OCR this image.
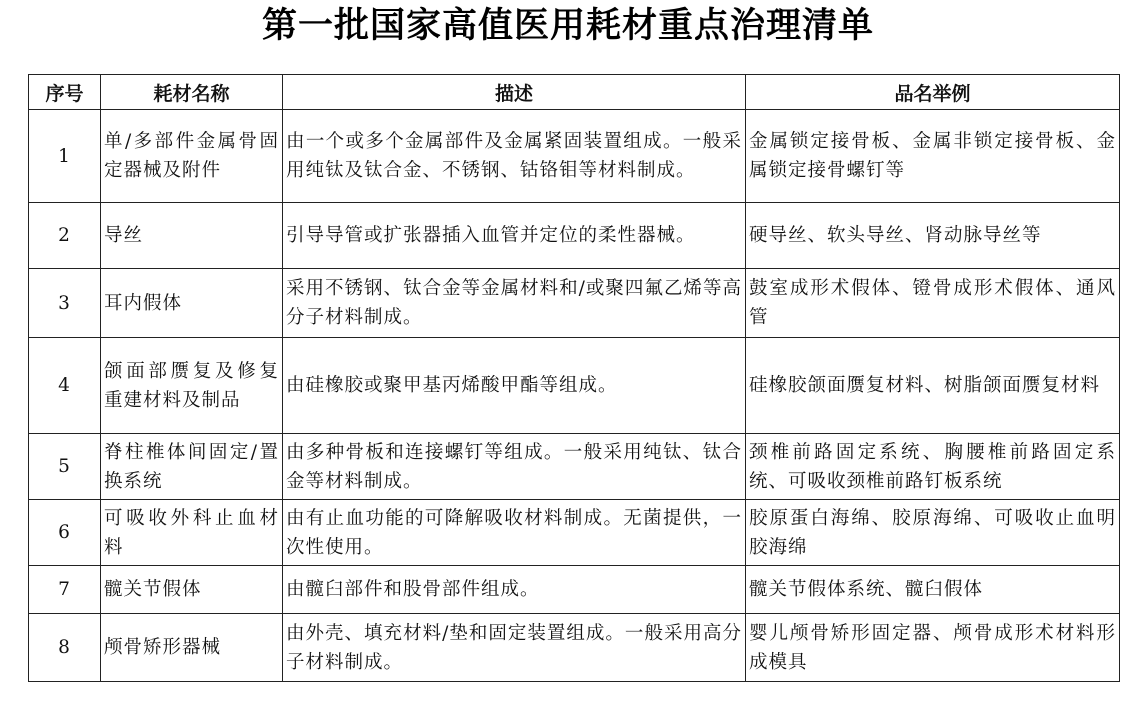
第一批国家高值医用耗材重点治理清单
序号	耗材名称	描述	品名举例
1	单/多部件金属骨固定器械及附件	由一个或多个金属部件及金属紧固装置组成。一般采用纯钛及钛合金、不锈钢、钴铬钼等材料制成。	金属锁定接骨板、金属非锁定接骨板、金属锁定接骨螺钉等
2	导丝	引导导管或扩张器插入血管并定位的柔性器械。	硬导丝、软头导丝、肾动脉导丝等
3	耳内假体	采用不锈钢、钛合金等金属材料和/或聚四氟乙烯等高分子材料制成。	鼓室成形术假体、镫骨成形术假体、通风管
4	颌面部赝复及修复重建材料及制品	由硅橡胶或聚甲基丙烯酸甲酯等组成。	硅橡胶颌面赝复材料、树脂颌面赝复材料
5	脊柱椎体间固定/置换系统	由多种骨板和连接螺钉等组成。一般采用纯钛、钛合金等材料制成。	颈椎前路固定系统、胸腰椎前路固定系统、可吸收颈椎前路钉板系统
6	可吸收外科止血材料	由有止血功能的可降解吸收材料制成。无菌提供，一次性使用。	胶原蛋白海绵、胶原海绵、可吸收止血明胶海绵
7	髋关节假体	由髋臼部件和股骨部件组成。	髋关节假体系统、髋臼假体
8	颅骨矫形器械	由外壳、填充材料/垫和固定装置组成。一般采用高分子材料制成。	婴儿颅骨矫形固定器、颅骨成形术材料形成模具
